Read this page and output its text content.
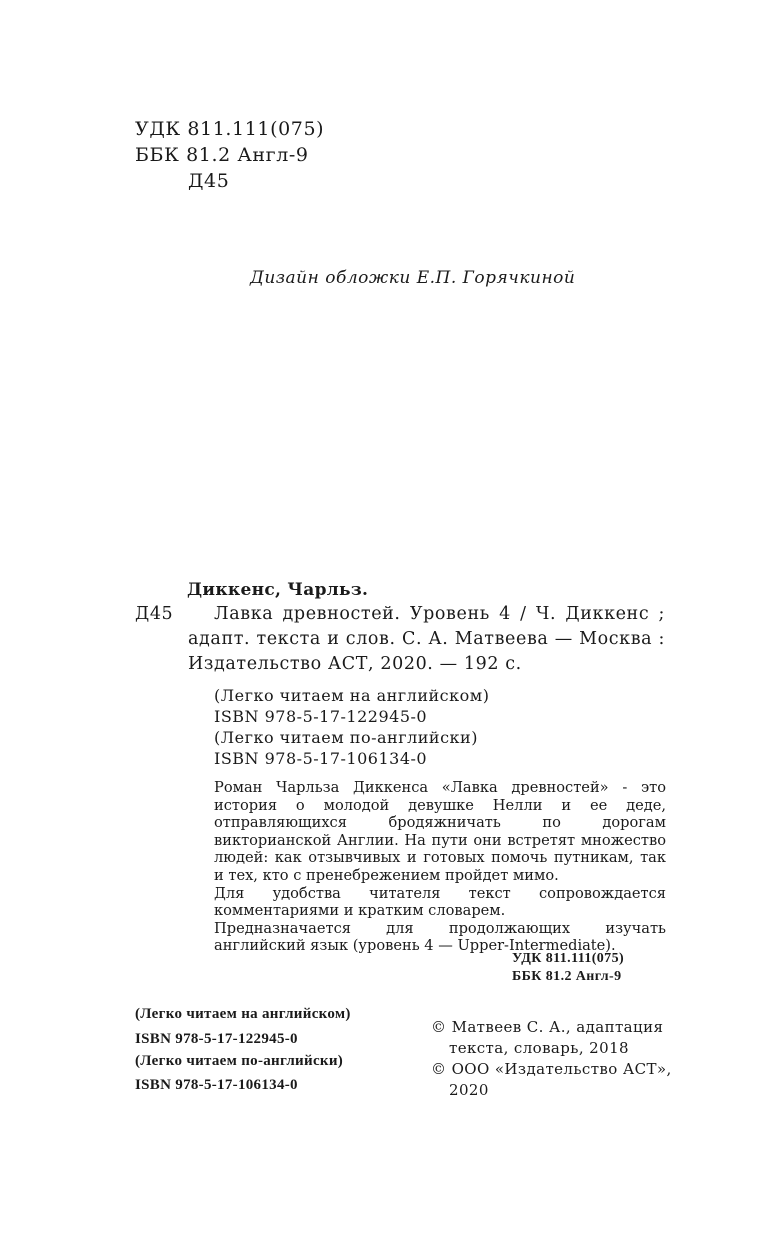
УДК 811.111(075)
ББК 81.2 Англ-9
Д45
Дизайн обложки Е.П. Горячкиной
Диккенс, Чарльз.
Д45	Лавка древностей. Уровень 4 / Ч. Диккенс ;
адапт. текста и слов. С. А. Матвеева — Москва :
Издательство АСТ, 2020. — 192 с.
(Легко читаем на английском)
ISBN 978-5-17-122945-0
(Легко читаем по-английски)
ISBN 978-5-17-106134-0

Роман Чарльза Диккенса «Лавка древностей» - это история о молодой девушке Нелли и ее деде, отправляющихся бродяжничать по дорогам викторианской Англии. На пути они встретят множество людей: как отзывчивых и готовых помочь путникам, так и тех, кто с пренебрежением пройдет мимо.

Для удобства читателя текст сопровождается комментариями и кратким словарем.

Предназначается для продолжающих изучать английский язык (уровень 4 — Upper-Intermediate).

УДК 811.111(075)
ББК 81.2 Англ-9
(Легко читаем на английском)
ISBN 978-5-17-122945-0
(Легко читаем по-английски)
ISBN 978-5-17-106134-0
© Матвеев С. А., адаптация
текста, словарь, 2018
© ООО «Издательство АСТ»,
2020
